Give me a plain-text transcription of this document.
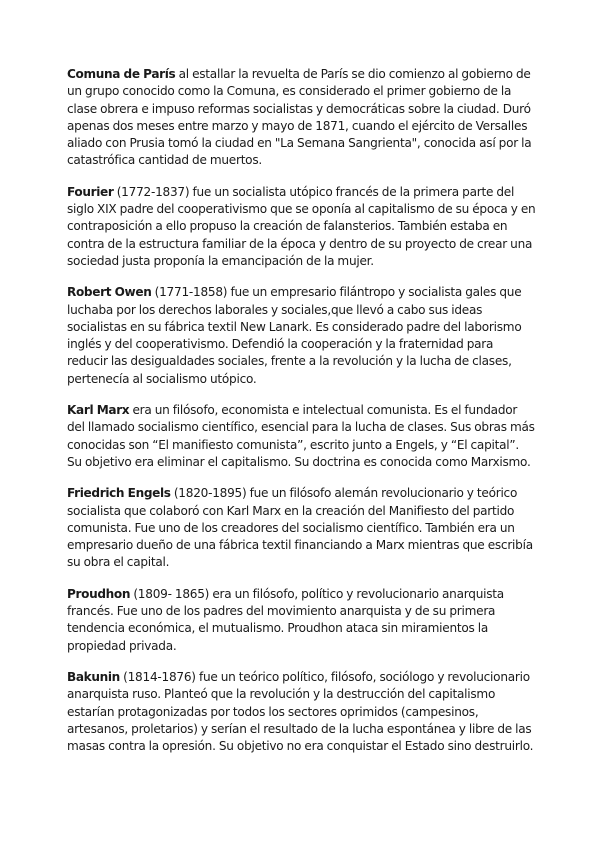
Comuna de París al estallar la revuelta de París se dio comienzo al gobierno de un grupo conocido como la Comuna, es considerado el primer gobierno de la clase obrera e impuso reformas socialistas y democráticas sobre la ciudad. Duró apenas dos meses entre marzo y mayo de 1871, cuando el ejército de Versalles aliado con Prusia tomó la ciudad en "La Semana Sangrienta", conocida así por la catastrófica cantidad de muertos.

Fourier (1772-1837) fue un socialista utópico francés de la primera parte del siglo XIX padre del cooperativismo que se oponía al capitalismo de su época y en contraposición a ello propuso la creación de falansterios. También estaba en contra de la estructura familiar de la época y dentro de su proyecto de crear una sociedad justa proponía la emancipación de la mujer.

Robert Owen (1771-1858) fue un empresario filántropo y socialista gales que luchaba por los derechos laborales y sociales,que llevó a cabo sus ideas socialistas en su fábrica textil New Lanark. Es considerado padre del laborismo inglés y del cooperativismo. Defendió la cooperación y la fraternidad para reducir las desigualdades sociales, frente a la revolución y la lucha de clases, pertenecía al socialismo utópico.

Karl Marx era un filósofo, economista e intelectual comunista. Es el fundador del llamado socialismo científico, esencial para la lucha de clases. Sus obras más conocidas son “El manifiesto comunista”, escrito junto a Engels, y “El capital”. Su objetivo era eliminar el capitalismo. Su doctrina es conocida como Marxismo.

Friedrich Engels (1820-1895) fue un filósofo alemán revolucionario y teórico socialista que colaboró con Karl Marx en la creación del Manifiesto del partido comunista. Fue uno de los creadores del socialismo científico. También era un empresario dueño de una fábrica textil financiando a Marx mientras que escribía su obra el capital.

Proudhon (1809- 1865) era un filósofo, político y revolucionario anarquista francés. Fue uno de los padres del movimiento anarquista y de su primera tendencia económica, el mutualismo. Proudhon ataca sin miramientos la propiedad privada.

Bakunin (1814-1876) fue un teórico político, filósofo, sociólogo y revolucionario anarquista ruso. Planteó que la revolución y la destrucción del capitalismo estarían protagonizadas por todos los sectores oprimidos (campesinos, artesanos, proletarios) y serían el resultado de la lucha espontánea y libre de las masas contra la opresión. Su objetivo no era conquistar el Estado sino destruirlo.
